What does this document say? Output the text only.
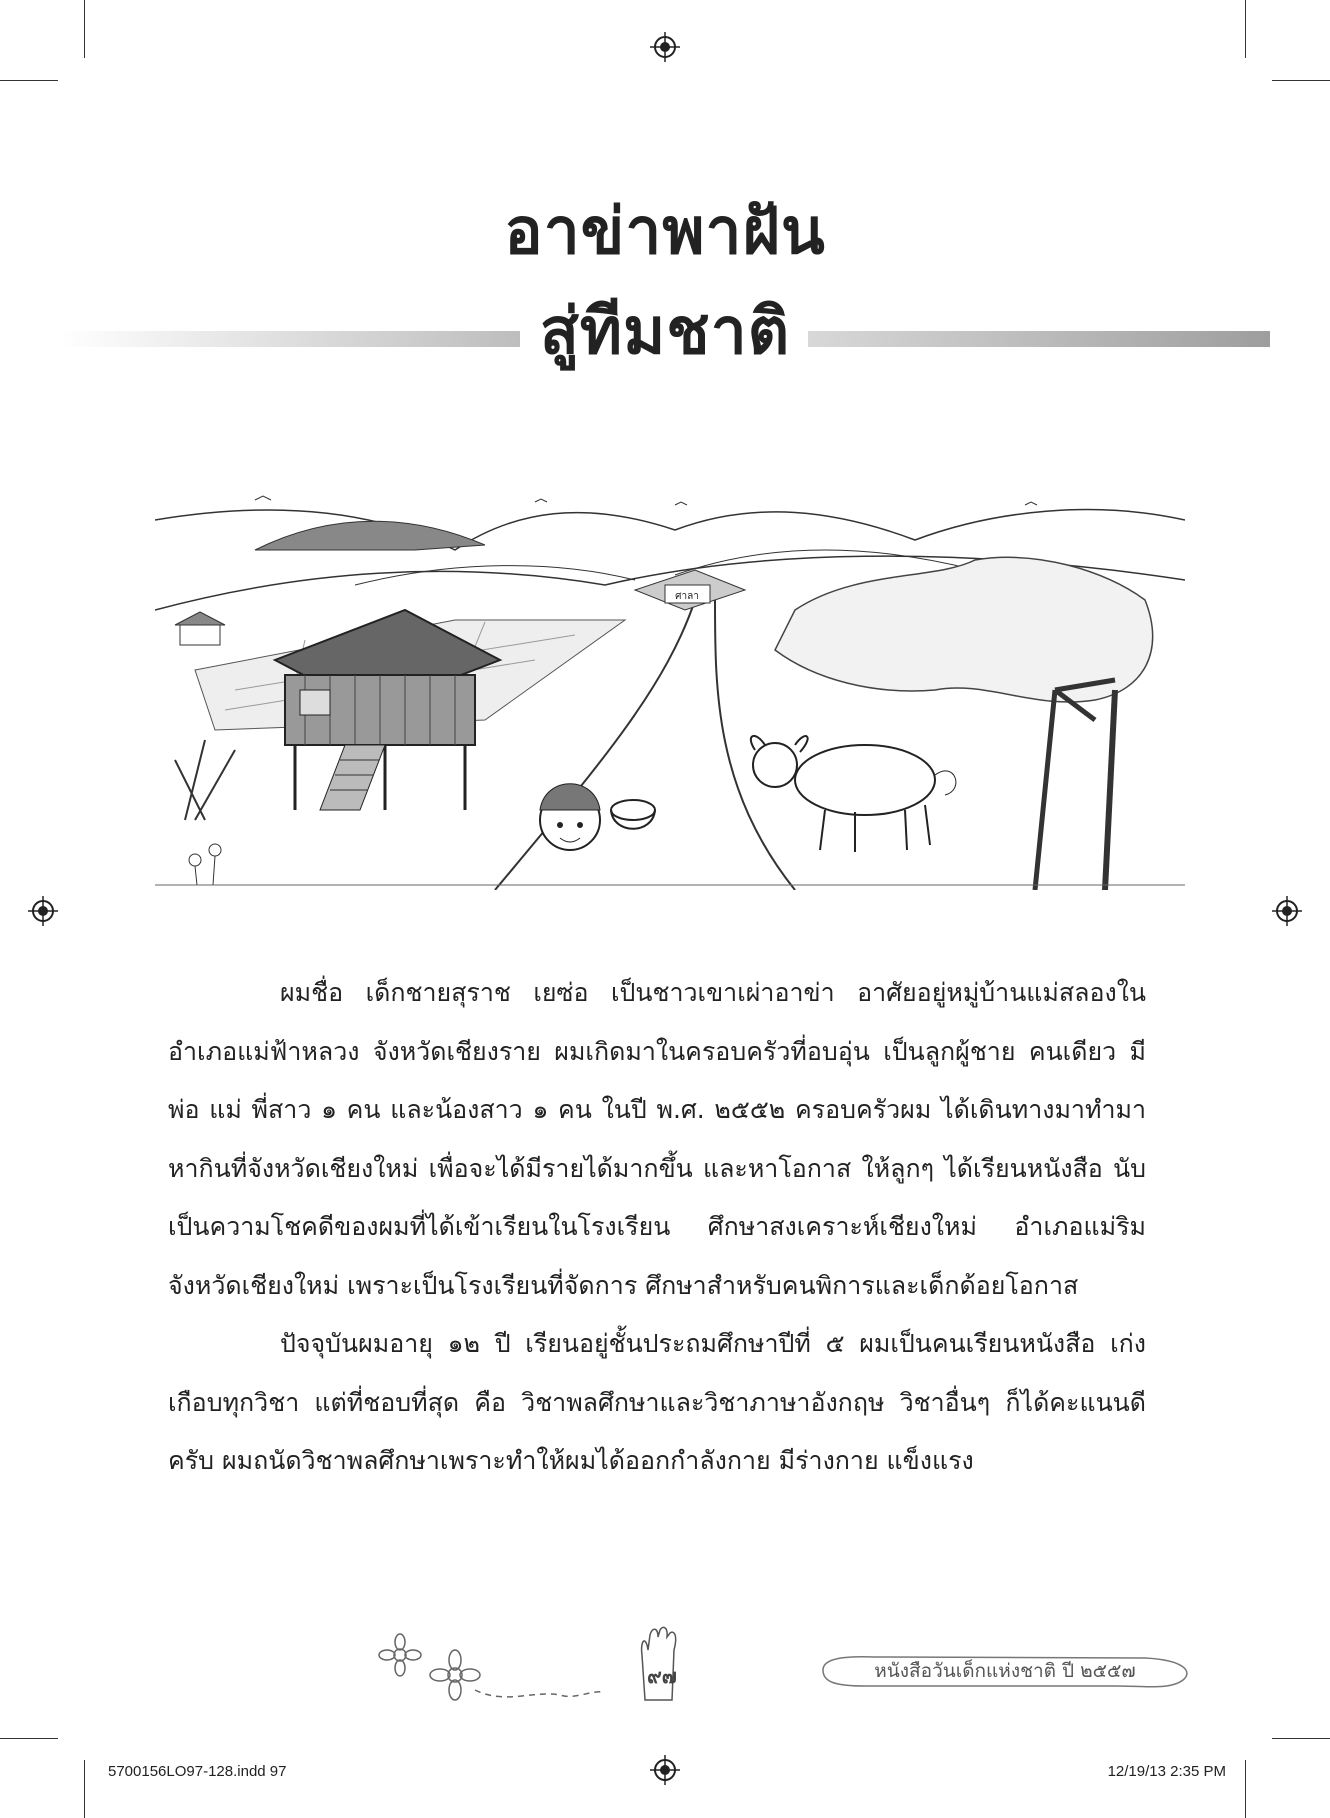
อาข่าพาฝัน
สู่ทีมชาติ
ศาลา

ผมชื่อ เด็กชายสุราช เยซ่อ เป็นชาวเขาเผ่าอาข่า อาศัยอยู่หมู่บ้านแม่สลองใน อำเภอแม่ฟ้าหลวง จังหวัดเชียงราย ผมเกิดมาในครอบครัวที่อบอุ่น เป็นลูกผู้ชาย คนเดียว มีพ่อ แม่ พี่สาว ๑ คน และน้องสาว ๑ คน ในปี พ.ศ. ๒๕๕๒ ครอบครัวผม ได้เดินทางมาทำมาหากินที่จังหวัดเชียงใหม่ เพื่อจะได้มีรายได้มากขึ้น และหาโอกาส ให้ลูกๆ ได้เรียนหนังสือ นับเป็นความโชคดีของผมที่ได้เข้าเรียนในโรงเรียน ศึกษาสงเคราะห์เชียงใหม่ อำเภอแม่ริม จังหวัดเชียงใหม่ เพราะเป็นโรงเรียนที่จัดการ ศึกษาสำหรับคนพิการและเด็กด้อยโอกาส

ปัจจุบันผมอายุ ๑๒ ปี เรียนอยู่ชั้นประถมศึกษาปีที่ ๕ ผมเป็นคนเรียนหนังสือ เก่งเกือบทุกวิชา แต่ที่ชอบที่สุด คือ วิชาพลศึกษาและวิชาภาษาอังกฤษ วิชาอื่นๆ ก็ได้คะแนนดีครับ ผมถนัดวิชาพลศึกษาเพราะทำให้ผมได้ออกกำลังกาย มีร่างกาย แข็งแรง

๙๗	หนังสือวันเด็กแห่งชาติ ปี ๒๕๕๗
5700156LO97-128.indd 97	12/19/13 2:35 PM
